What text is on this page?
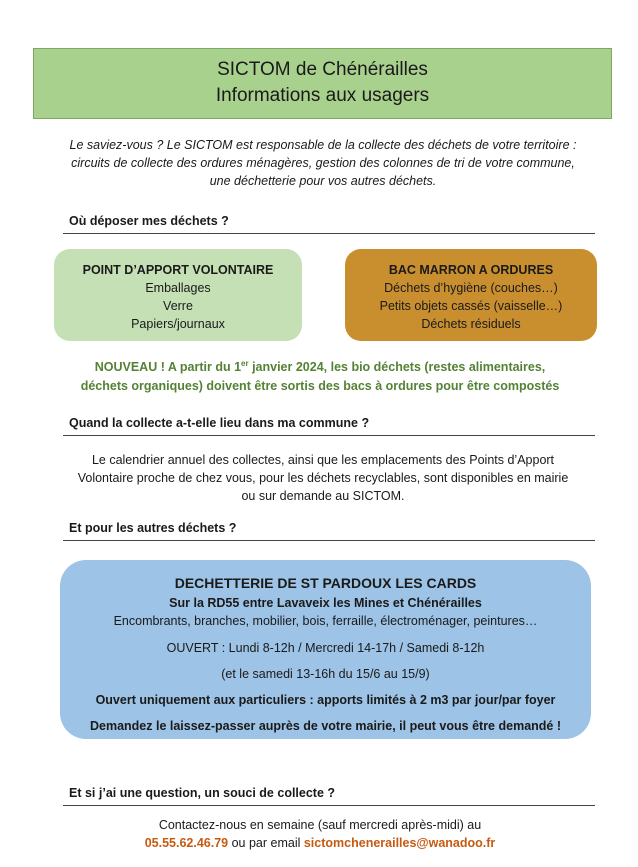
SICTOM de Chénérailles
Informations aux usagers
Le saviez-vous ? Le SICTOM est responsable de la collecte des déchets de votre territoire :
circuits de collecte des ordures ménagères, gestion des colonnes de tri de votre commune,
une déchetterie pour vos autres déchets.
Où déposer mes déchets ?
POINT D’APPORT VOLONTAIRE
Emballages
Verre
Papiers/journaux
BAC MARRON A ORDURES
Déchets d’hygiène (couches…)
Petits objets cassés (vaisselle…)
Déchets résiduels
NOUVEAU ! A partir du 1er janvier 2024, les bio déchets (restes alimentaires,
déchets organiques) doivent être sortis des bacs à ordures pour être compostés
Quand la collecte a-t-elle lieu dans ma commune ?
Le calendrier annuel des collectes, ainsi que les emplacements des Points d’Apport
Volontaire proche de chez vous, pour les déchets recyclables, sont disponibles en mairie
ou sur demande au SICTOM.
Et pour les autres déchets ?
DECHETTERIE DE ST PARDOUX LES CARDS
Sur la RD55 entre Lavaveix les Mines et Chénérailles
Encombrants, branches, mobilier, bois, ferraille, électroménager, peintures…
OUVERT : Lundi 8-12h / Mercredi 14-17h / Samedi 8-12h
(et le samedi 13-16h du 15/6 au 15/9)
Ouvert uniquement aux particuliers : apports limités à 2 m3 par jour/par foyer
Demandez le laissez-passer auprès de votre mairie, il peut vous être demandé !
Et si j’ai une question, un souci de collecte ?
Contactez-nous en semaine (sauf mercredi après-midi) au
05.55.62.46.79 ou par email sictomchenerailles@wanadoo.fr
